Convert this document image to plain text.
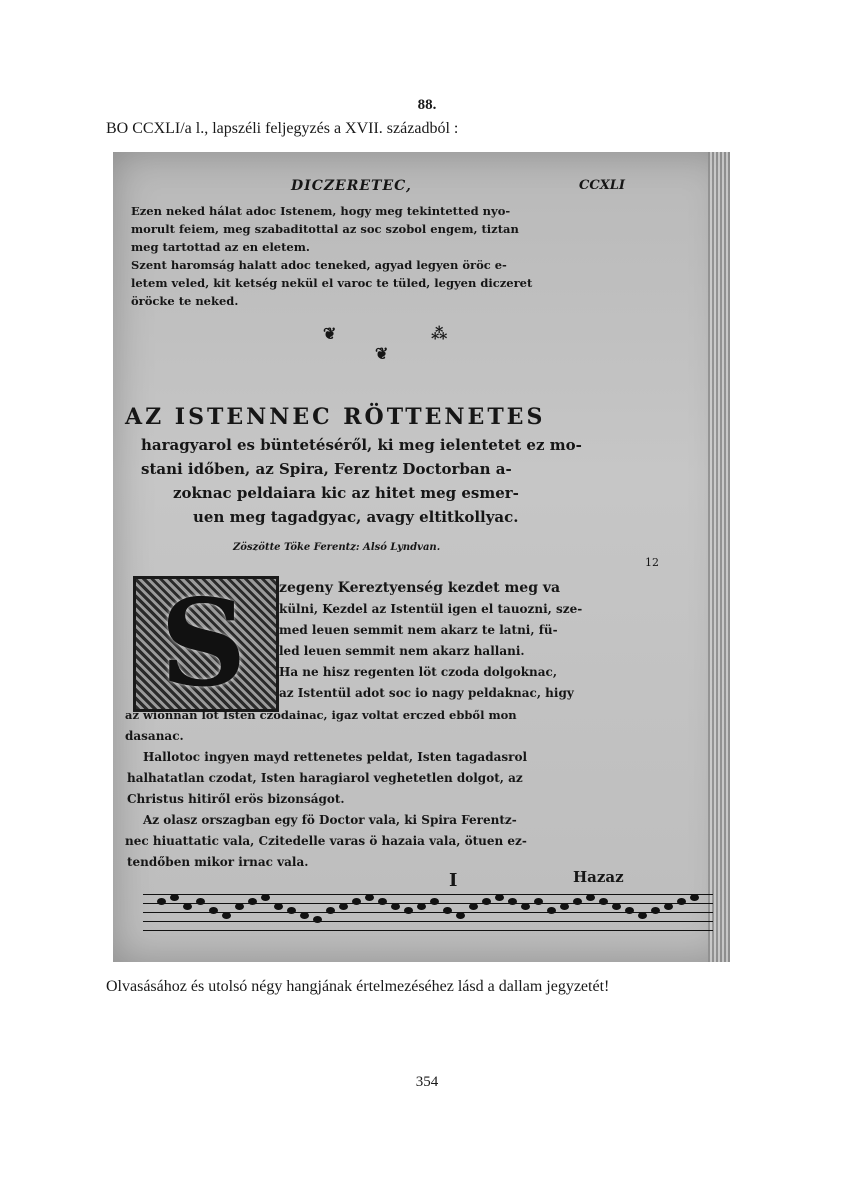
88.
BO CCXLI/a l., lapszéli feljegyzés a XVII. századból :
DICZERETEC,	CCXLI
Ezen neked hálat adoc Istenem, hogy meg tekintetted nyo-
morult feiem, meg szabaditottal az soc szobol engem, tiztan
meg tartottad az en eletem.
Szent haromság halatt adoc teneked, agyad legyen öröc e-
letem veled, kit ketség nekül el varoc te tüled, legyen diczeret
öröcke te neked.
❦	⁂
❦
AZ ISTENNEC RÖTTENETES
haragyarol es büntetéséről, ki meg ielentetet ez mo-
stani időben, az Spira, Ferentz Doctorban a-
zoknac peldaiara kic az hitet meg esmer-
uen meg tagadgyac, avagy eltitkollyac.
Zöszötte Töke Ferentz: Alsó Lyndvan.
12
S zegeny Kereztyenség kezdet meg va
külni, Kezdel az Istentül igen el tauozni, sze-
med leuen semmit nem akarz te latni, fü-
led leuen semmit nem akarz hallani.
Ha ne hisz regenten löt czoda dolgoknac,
az Istentül adot soc io nagy peldaknac, higy
az wionnan löt Isten czodainac, igaz voltat erczed ebből mon
dasanac.
Hallotoc ingyen mayd rettenetes peldat, Isten tagadasrol
halhatatlan czodat, Isten haragiarol veghetetlen dolgot, az
Christus hitiről erös bizonságot.
Az olasz orszagban egy fö Doctor vala, ki Spira Ferentz-
nec hiuattatic vala, Czitedelle varas ö hazaia vala, ötuen ez-
tendőben mikor irnac vala.
I	Hazaz
Olvasásához és utolsó négy hangjának értelmezéséhez lásd a dallam jegyzetét!
354
